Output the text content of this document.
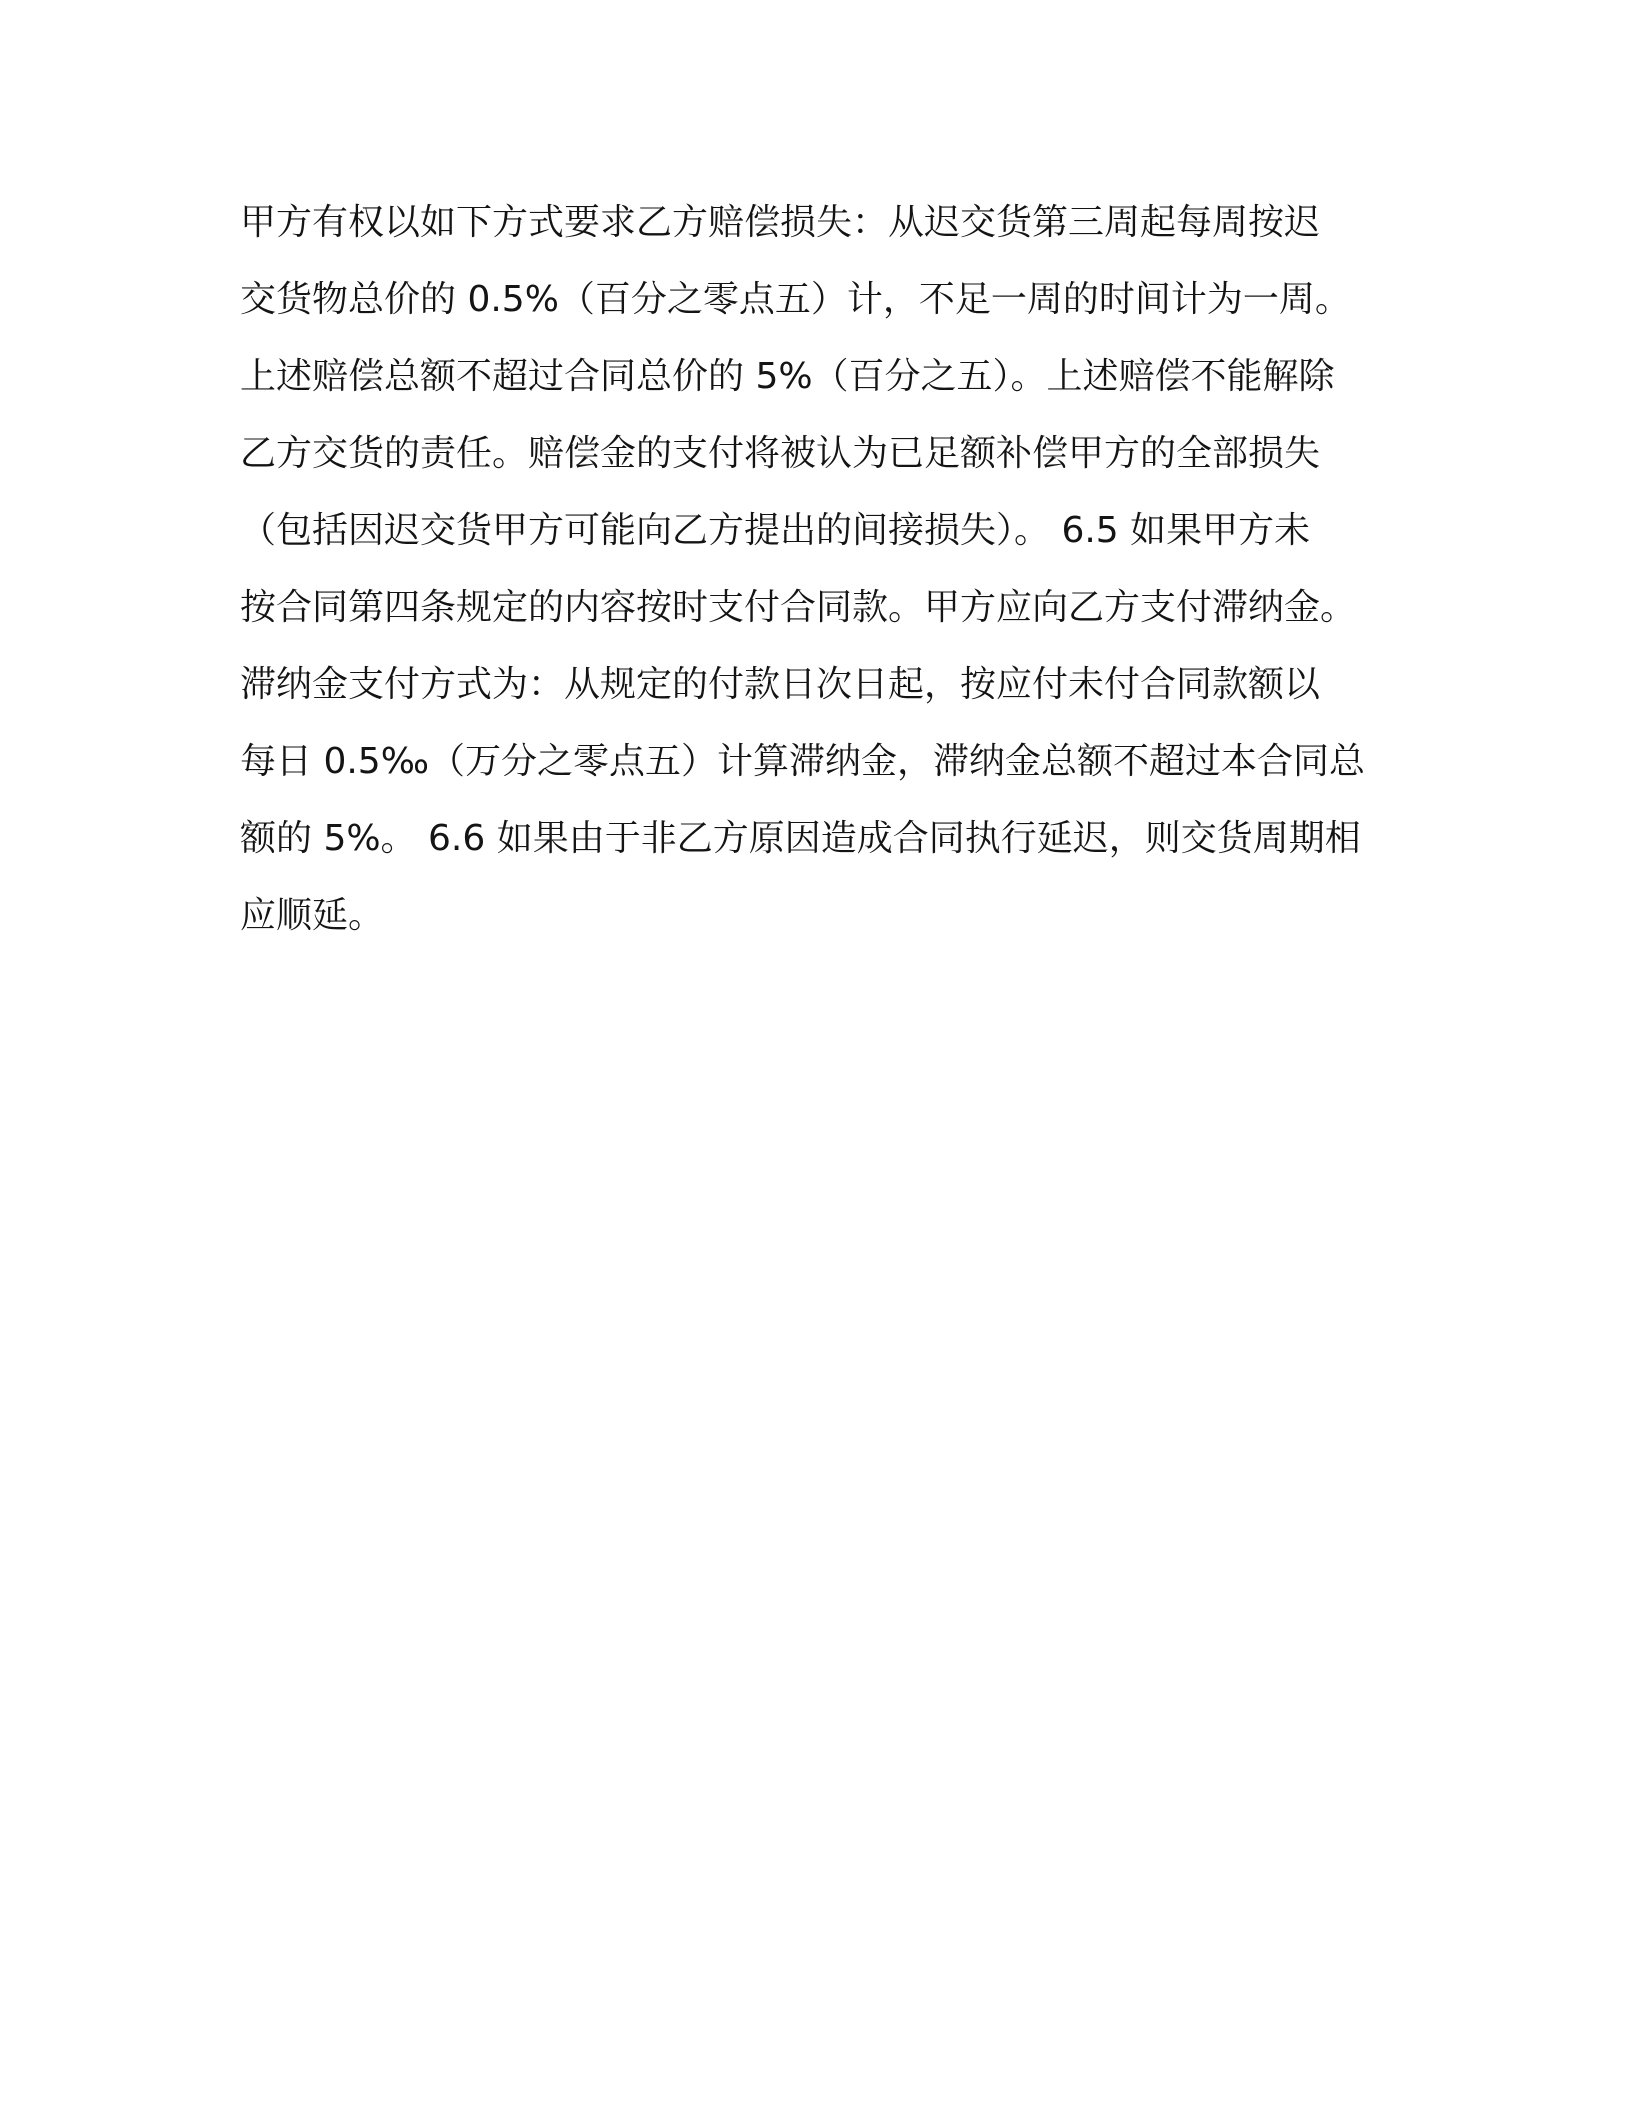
甲方有权以如下方式要求乙方赔偿损失：从迟交货第三周起每周按迟
交货物总价的 0.5%（百分之零点五）计，不足一周的时间计为一周。
上述赔偿总额不超过合同总价的 5%（百分之五）。上述赔偿不能解除
乙方交货的责任。赔偿金的支付将被认为已足额补偿甲方的全部损失
（包括因迟交货甲方可能向乙方提出的间接损失）。 6.5 如果甲方未
按合同第四条规定的内容按时支付合同款。甲方应向乙方支付滞纳金。
滞纳金支付方式为：从规定的付款日次日起，按应付未付合同款额以
每日 0.5‰（万分之零点五）计算滞纳金，滞纳金总额不超过本合同总
额的 5%。 6.6 如果由于非乙方原因造成合同执行延迟，则交货周期相
应顺延。
